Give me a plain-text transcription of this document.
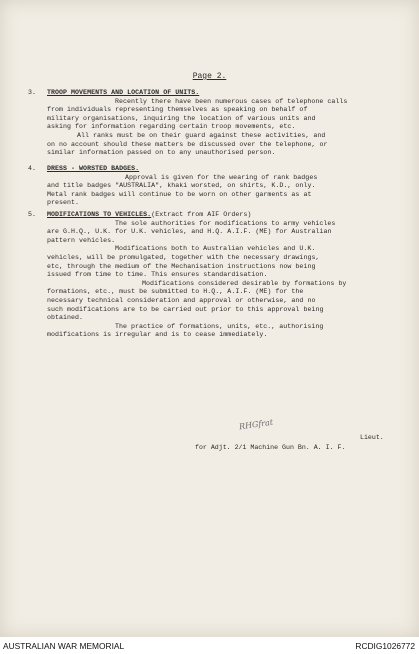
Page 2.
3. TROOP MOVEMENTS AND LOCATION OF UNITS.
Recently there have been numerous cases of telephone calls
from individuals representing themselves as speaking on behalf of
military organisations, inquiring the location of various units and
asking for information regarding certain troop movements, etc.
All ranks must be on their guard against these activities, and
on no account should these matters be discussed over the telephone, or
similar information passed on to any unauthorised person.
4. DRESS - WORSTED BADGES.
Approval is given for the wearing of rank badges
and title badges "AUSTRALIA", khaki worsted, on shirts, K.D., only.
Metal rank badges will continue to be worn on other garments as at
present.
5. MODIFICATIONS TO VEHICLES.(Extract from AIF Orders)
The sole authorities for modifications to army vehicles
are G.H.Q., U.K. for U.K. vehicles, and H.Q. A.I.F. (ME) for Australian
pattern vehicles.
Modifications both to Australian vehicles and U.K.
vehicles, will be promulgated, together with the necessary drawings,
etc, through the medium of the Mechanisation instructions now being
issued from time to time. This ensures standardisation.
Modifications considered desirable by formations by
formations, etc., must be submitted to H.Q., A.I.F. (ME) for the
necessary technical consideration and approval or otherwise, and no
such modifications are to be carried out prior to this approval being
obtained.
The practice of formations, units, etc., authorising
modifications is irregular and is to cease immediately.
RHGfrat
Lieut.
for Adjt. 2/1 Machine Gun Bn. A. I. F.
AUSTRALIAN WAR MEMORIAL	RCDIG1026772
